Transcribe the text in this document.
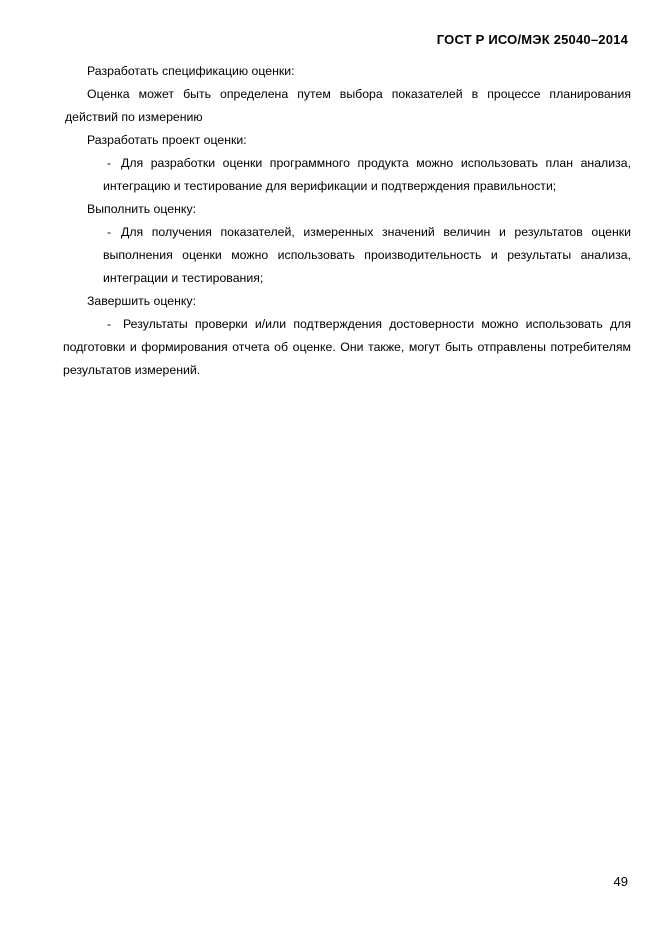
ГОСТ Р ИСО/МЭК 25040–2014

Разработать спецификацию оценки:

Оценка может быть определена путем выбора показателей в процессе планирования действий по измерению

Разработать проект оценки:

- Для разработки оценки программного продукта можно использовать план анализа, интеграцию и тестирование для верификации и подтверждения правильности;

Выполнить оценку:

- Для получения показателей, измеренных значений величин и результатов оценки выполнения оценки можно использовать производительность и результаты анализа, интеграции и тестирования;

Завершить оценку:

- Результаты проверки и/или подтверждения достоверности можно использовать для подготовки и формирования отчета об оценке. Они также, могут быть отправлены потребителям результатов измерений.
49
